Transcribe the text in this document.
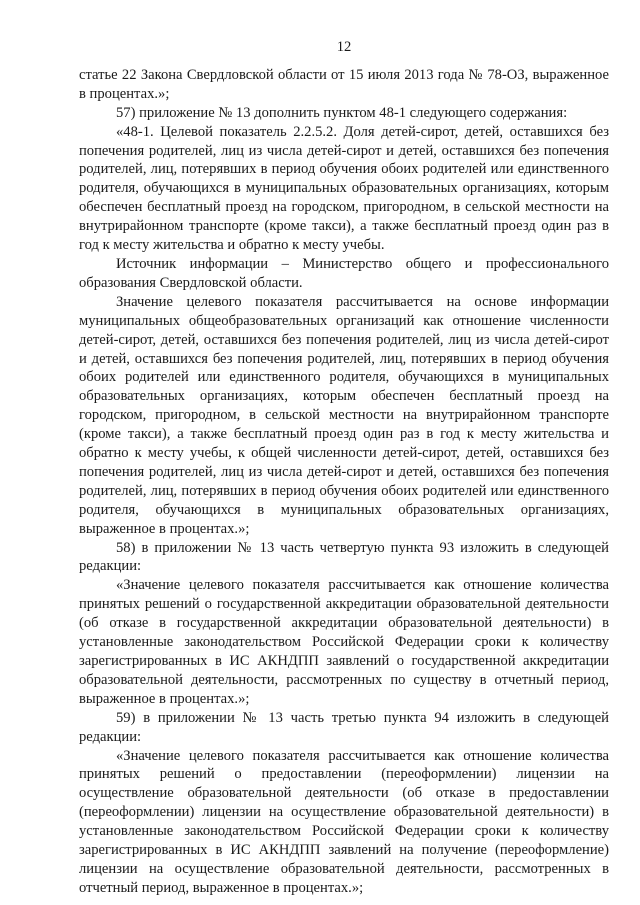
12

статье 22 Закона Свердловской области от 15 июля 2013 года № 78-ОЗ, выраженное в процентах.»;

57) приложение № 13 дополнить пунктом 48-1 следующего содержания:

«48-1. Целевой показатель 2.2.5.2. Доля детей-сирот, детей, оставшихся без попечения родителей, лиц из числа детей-сирот и детей, оставшихся без попечения родителей, лиц, потерявших в период обучения обоих родителей или единственного родителя, обучающихся в муниципальных образовательных организациях, которым обеспечен бесплатный проезд на городском, пригородном, в сельской местности на внутрирайонном транспорте (кроме такси), а также бесплатный проезд один раз в год к месту жительства и обратно к месту учебы.

Источник информации – Министерство общего и профессионального образования Свердловской области.

Значение целевого показателя рассчитывается на основе информации муниципальных общеобразовательных организаций как отношение численности детей-сирот, детей, оставшихся без попечения родителей, лиц из числа детей-сирот и детей, оставшихся без попечения родителей, лиц, потерявших в период обучения обоих родителей или единственного родителя, обучающихся в муниципальных образовательных организациях, которым обеспечен бесплатный проезд на городском, пригородном, в сельской местности на внутрирайонном транспорте (кроме такси), а также бесплатный проезд один раз в год к месту жительства и обратно к месту учебы, к общей численности детей-сирот, детей, оставшихся без попечения родителей, лиц из числа детей-сирот и детей, оставшихся без попечения родителей, лиц, потерявших в период обучения обоих родителей или единственного родителя, обучающихся в муниципальных образовательных организациях, выраженное в процентах.»;

58) в приложении № 13 часть четвертую пункта 93 изложить в следующей редакции:

«Значение целевого показателя рассчитывается как отношение количества принятых решений о государственной аккредитации образовательной деятельности (об отказе в государственной аккредитации образовательной деятельности) в установленные законодательством Российской Федерации сроки к количеству зарегистрированных в ИС АКНДПП заявлений о государственной аккредитации образовательной деятельности, рассмотренных по существу в отчетный период, выраженное в процентах.»;

59) в приложении № 13 часть третью пункта 94 изложить в следующей редакции:

«Значение целевого показателя рассчитывается как отношение количества принятых решений о предоставлении (переоформлении) лицензии на осуществление образовательной деятельности (об отказе в предоставлении (переоформлении) лицензии на осуществление образовательной деятельности) в установленные законодательством Российской Федерации сроки к количеству зарегистрированных в ИС АКНДПП заявлений на получение (переоформление) лицензии на осуществление образовательной деятельности, рассмотренных в отчетный период, выраженное в процентах.»;
